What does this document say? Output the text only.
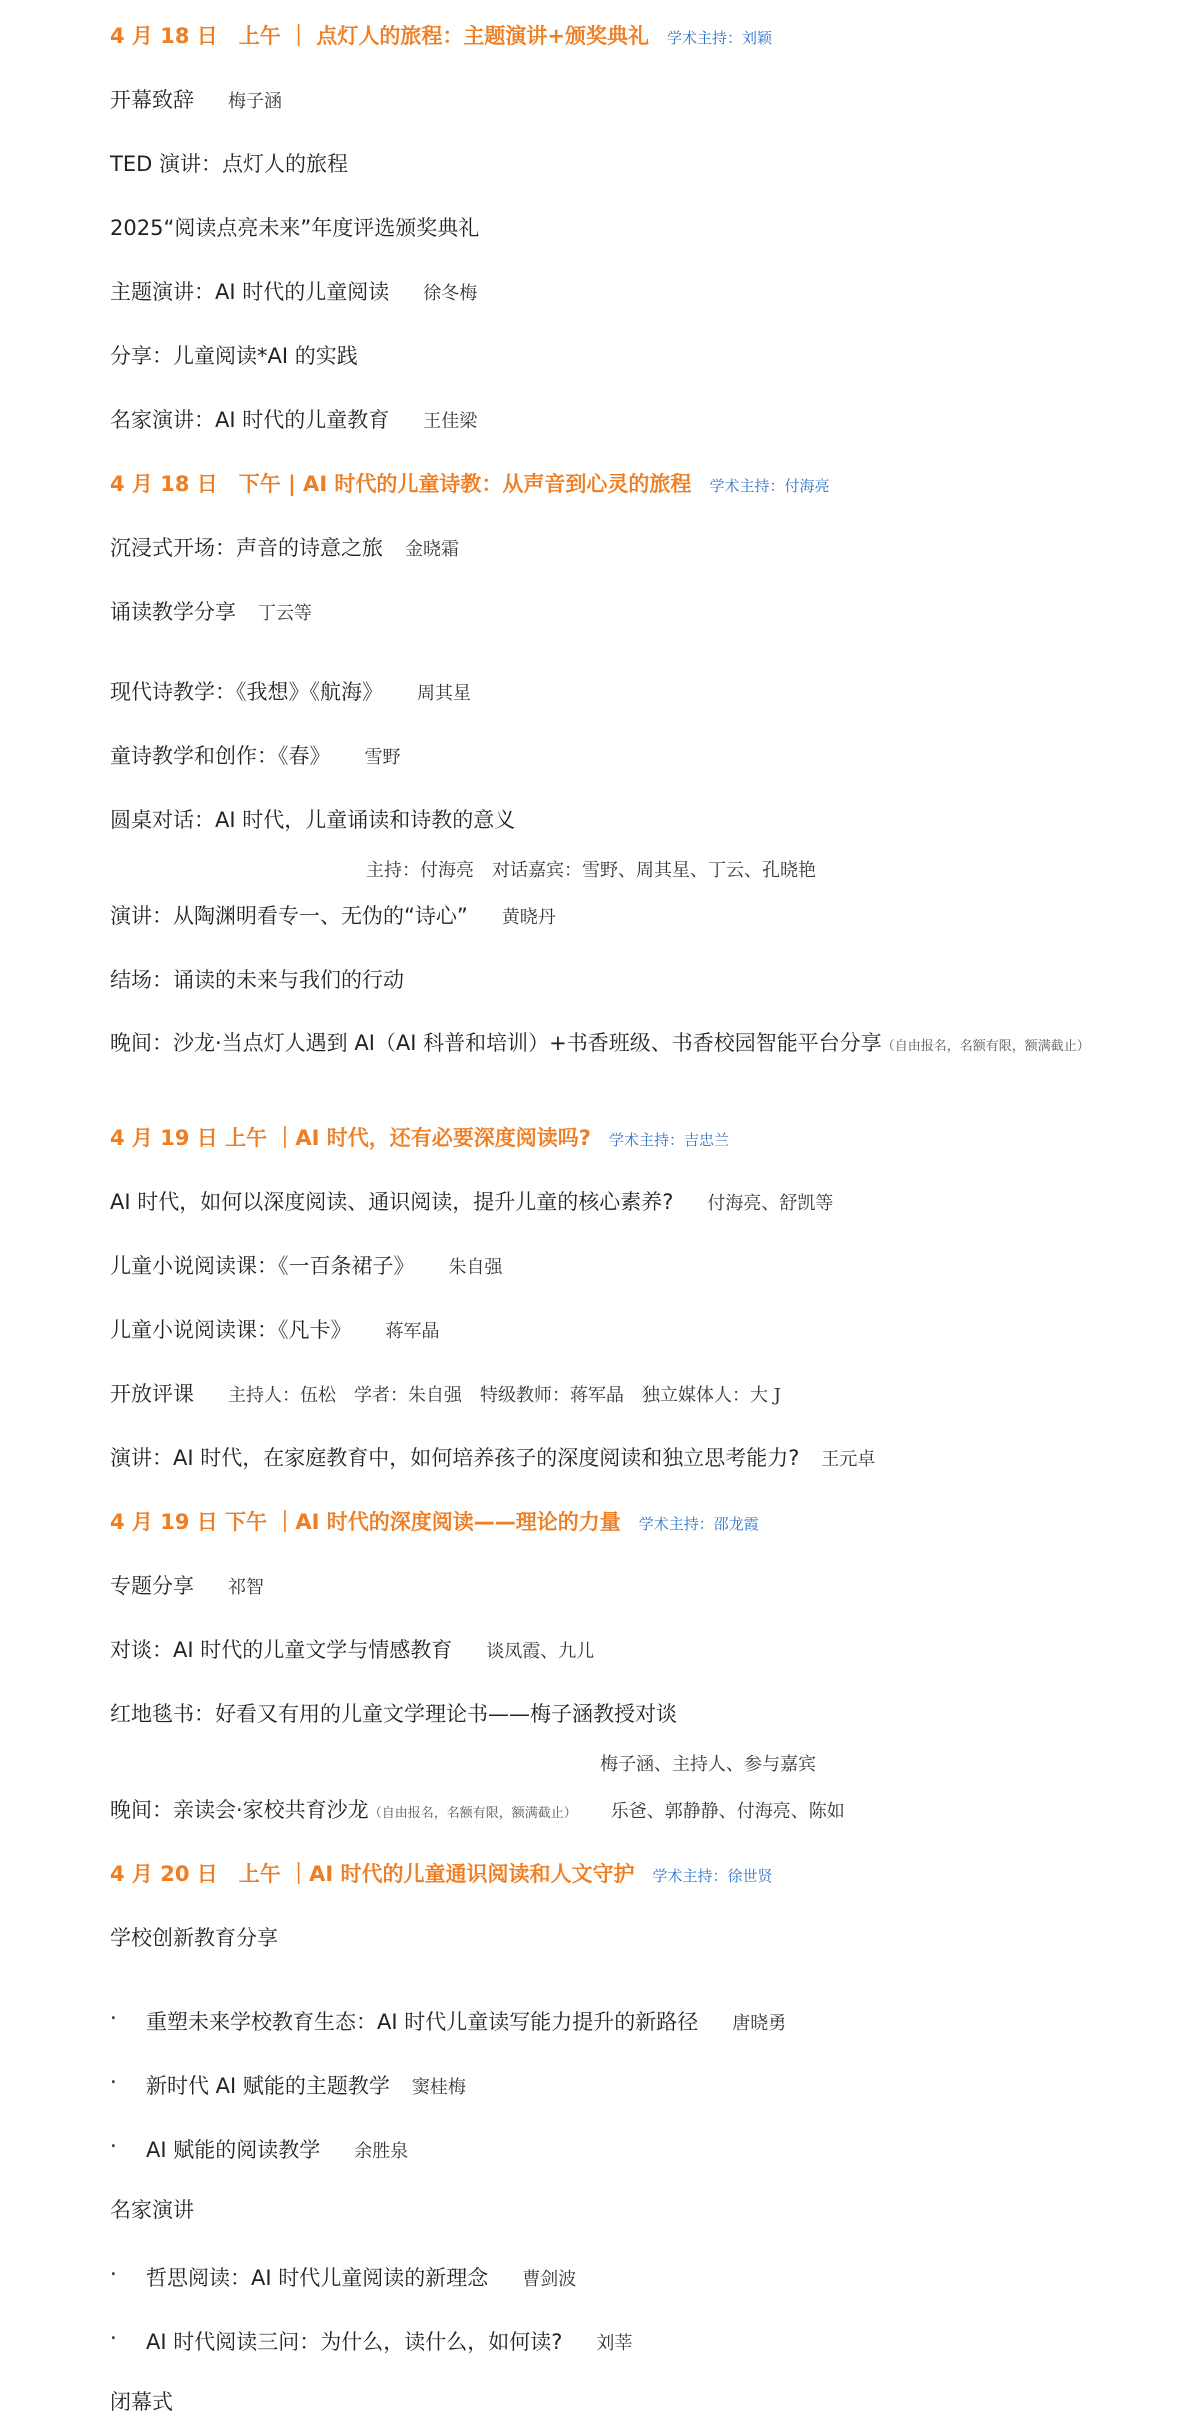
4 月 18 日　上午 ｜ 点灯人的旅程：主题演讲+颁奖典礼 学术主持：刘颖
开幕致辞 梅子涵
TED 演讲：点灯人的旅程
2025“阅读点亮未来”年度评选颁奖典礼
主题演讲：AI 时代的儿童阅读 徐冬梅
分享：儿童阅读*AI 的实践
名家演讲：AI 时代的儿童教育 王佳梁
4 月 18 日　下午 | AI 时代的儿童诗教：从声音到心灵的旅程 学术主持：付海亮
沉浸式开场：声音的诗意之旅 金晓霜
诵读教学分享 丁云等
现代诗教学：《我想》《航海》 周其星
童诗教学和创作：《春》 雪野
圆桌对话：AI 时代，儿童诵读和诗教的意义
主持：付海亮　对话嘉宾：雪野、周其星、丁云、孔晓艳
演讲：从陶渊明看专一、无伪的“诗心” 黄晓丹
结场：诵读的未来与我们的行动
晚间：沙龙·当点灯人遇到 AI（AI 科普和培训）+书香班级、书香校园智能平台分享（自由报名，名额有限，额满截止）
4 月 19 日 上午 ｜AI 时代，还有必要深度阅读吗? 学术主持：吉忠兰
AI 时代，如何以深度阅读、通识阅读，提升儿童的核心素养? 付海亮、舒凯等
儿童小说阅读课：《一百条裙子》 朱自强
儿童小说阅读课：《凡卡》 蒋军晶
开放评课 主持人：伍松　学者：朱自强　特级教师：蒋军晶　独立媒体人：大 J
演讲：AI 时代，在家庭教育中，如何培养孩子的深度阅读和独立思考能力? 王元卓
4 月 19 日 下午 ｜AI 时代的深度阅读——理论的力量 学术主持：邵龙霞
专题分享 祁智
对谈：AI 时代的儿童文学与情感教育 谈凤霞、九儿
红地毯书：好看又有用的儿童文学理论书——梅子涵教授对谈
梅子涵、主持人、参与嘉宾
晚间：亲读会·家校共育沙龙（自由报名，名额有限，额满截止） 乐爸、郭静静、付海亮、陈如
4 月 20 日　上午 ｜AI 时代的儿童通识阅读和人文守护 学术主持：徐世贤
学校创新教育分享
· 重塑未来学校教育生态：AI 时代儿童读写能力提升的新路径 唐晓勇
· 新时代 AI 赋能的主题教学 窦桂梅
· AI 赋能的阅读教学 余胜泉
名家演讲
· 哲思阅读：AI 时代儿童阅读的新理念 曹剑波
· AI 时代阅读三问：为什么，读什么，如何读? 刘莘
闭幕式
